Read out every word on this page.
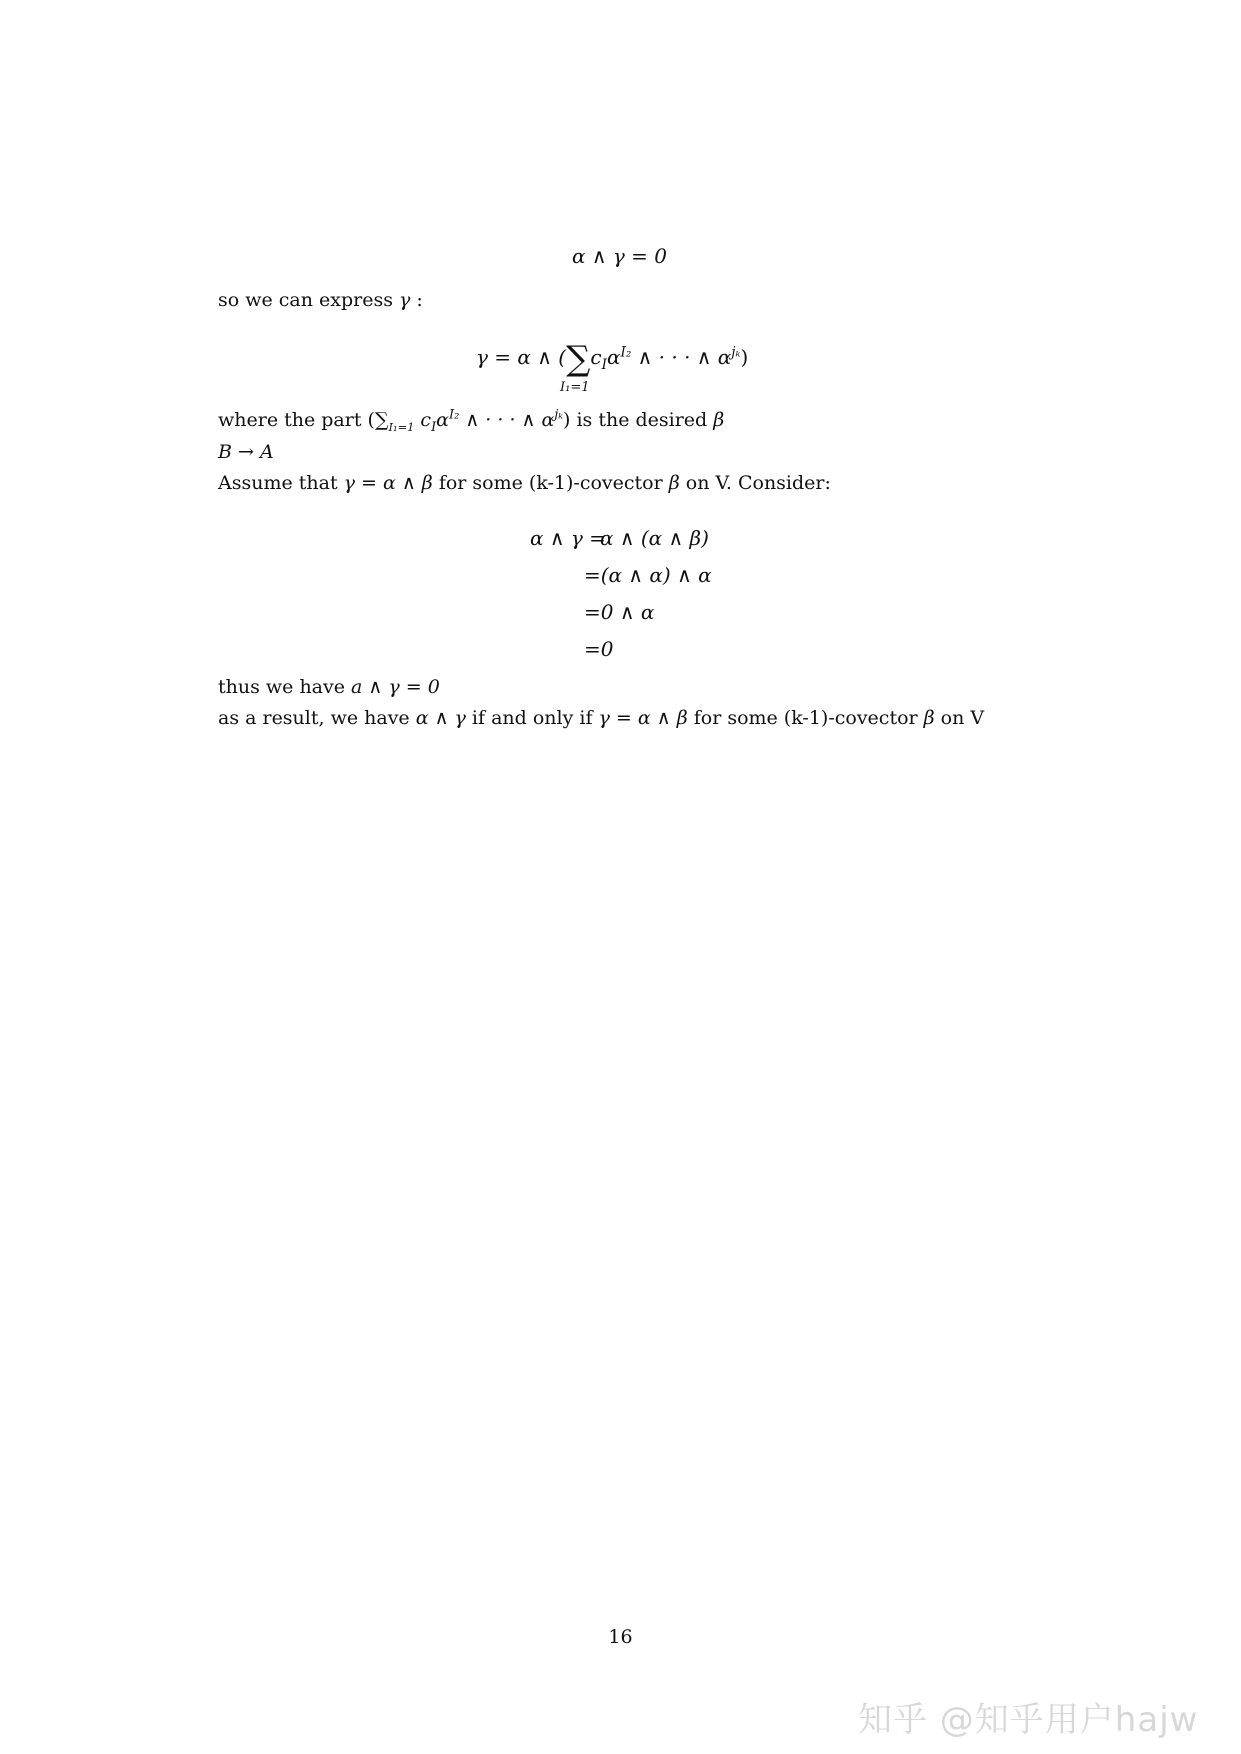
α ∧ γ = 0
so we can express γ :
γ = α ∧ ($\sum c_I\alpha^{I_2}$ ∧ · · · ∧ $\alpha^{j_k}$)
I₁=1
where the part ($\sum_{I_1=1}$ $c_I\alpha^{I_2}$ ∧ · · · ∧ $\alpha^{j_k}$) is the desired β
B → A
Assume that γ = α ∧ β for some (k-1)-covector β on V. Consider:
α ∧ γ =
α ∧ (α ∧ β)
=(α ∧ α) ∧ α
=0 ∧ α
=0
thus we have a ∧ γ = 0
as a result, we have α ∧ γ if and only if γ = α ∧ β for some (k-1)-covector β on V
16
知乎 @知乎用户hajw
